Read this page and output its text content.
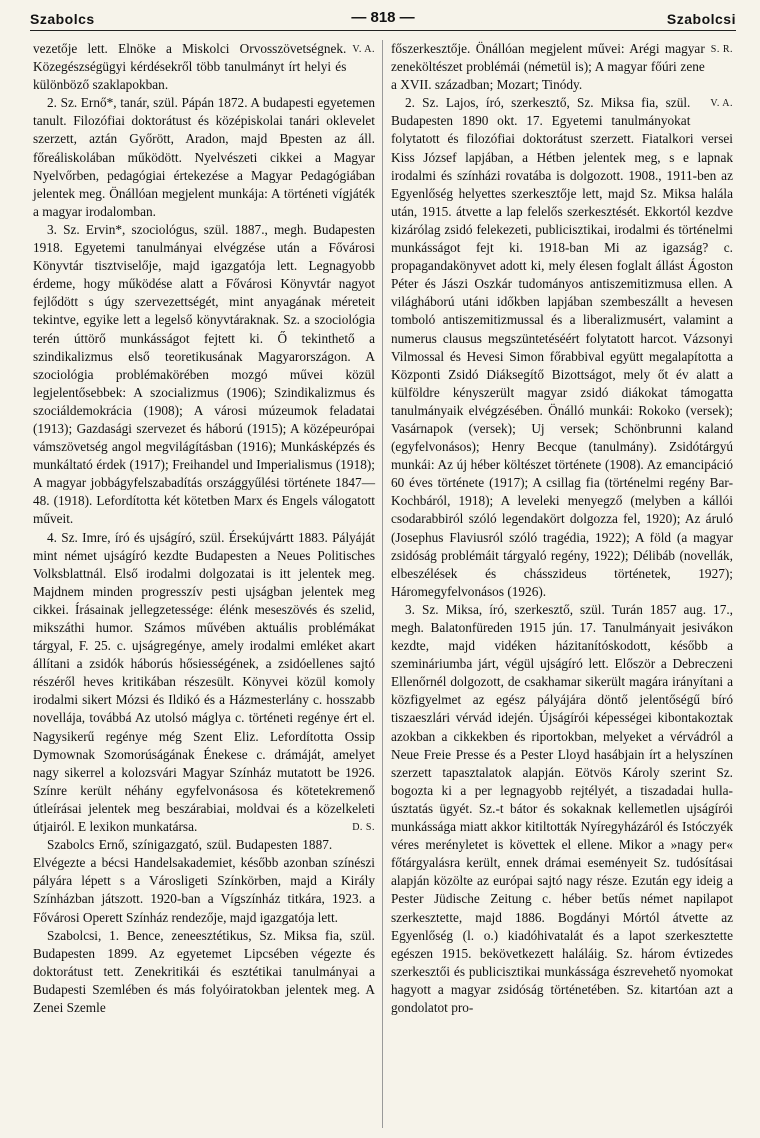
Szabolcs	— 818 —	Szabolcsi

V. A.
vezetője lett. Elnöke a Miskolci Orvosszövetségnek. Közegészségügyi kérdésekről több tanulmányt írt helyi és különböző szaklapokban.

2. Sz. Ernő*, tanár, szül. Pápán 1872. A budapesti egyetemen tanult. Filozófiai doktorátust és középiskolai tanári oklevelet szerzett, aztán Győrött, Aradon, majd Bpesten az áll. főreáliskolában működött. Nyelvészeti cikkei a Magyar Nyelvőrben, pedagógiai értekezése a Magyar Pedagógiában jelentek meg. Önállóan megjelent munkája: A történeti vígjáték a magyar irodalomban.

3. Sz. Ervin*, szociológus, szül. 1887., megh. Budapesten 1918. Egyetemi tanulmányai elvégzése után a Fővárosi Könyvtár tisztviselője, majd igazgatója lett. Legnagyobb érdeme, hogy működése alatt a Fővárosi Könyvtár nagyot fejlődött s úgy szervezettségét, mint anyagának méreteit tekintve, egyike lett a legelső könyvtáraknak. Sz. a szociológia terén úttörő munkásságot fejtett ki. Ő tekinthető a szindikalizmus első teoretikusának Magyarországon. A szociológia problémakörében mozgó művei közül legjelentősebbek: A szocializmus (1906); Szindikalizmus és szociáldemokrácia (1908); A városi múzeumok feladatai (1913); Gazdasági szervezet és háború (1915); A középeurópai vámszövetség angol megvilágításban (1916); Munkásképzés és munkáltató érdek (1917); Freihandel und Imperialismus (1918); A magyar jobbágyfelszabadítás országgyűlési története 1847—48. (1918). Lefordította két kötetben Marx és Engels válogatott műveit.

4. Sz. Imre, író és ujságíró, szül. Érsekújvártt 1883. Pályáját mint német ujságíró kezdte Budapesten a Neues Politisches Volksblattnál. Első irodalmi dolgozatai is itt jelentek meg. Majdnem minden progresszív pesti ujságban jelentek meg cikkei. Írásainak jellegzetessége: élénk meseszövés és szelid, mikszáthi humor. Számos művében aktuális problémákat tárgyal, F. 25. c. ujságregénye, amely irodalmi emléket akart állítani a zsidók háborús hősiességének, a zsidóellenes sajtó részéről heves kritikában részesült. Könyvei közül komoly irodalmi sikert Mózsi és Ildikó és a Házmesterlány c. hosszabb novellája, továbbá Az utolsó máglya c. történeti regénye ért el. Nagysikerű regénye még Szent Eliz. Lefordította Ossip Dymownak Szomorúságának Énekese c. drámáját, amelyet nagy sikerrel a kolozsvári Magyar Színház mutatott be 1926. Színre került néhány egyfelvonásosa és kötetekremenő útleírásai jelentek meg beszárabiai, moldvai és a közelkeleti útjairól. E lexikon munkatársa.	D. S.

Szabolcs Ernő, színigazgató, szül. Budapesten 1887. Elvégezte a bécsi Handelsakademiet, később azonban színészi pályára lépett s a Városligeti Színkörben, majd a Király Színházban játszott. 1920-ban a Vígszínház titkára, 1923. a Fővárosi Operett Színház rendezője, majd igazgatója lett.

Szabolcsi, 1. Bence, zeneesztétikus, Sz. Miksa fia, szül. Budapesten 1899. Az egyetemet Lipcsében végezte és doktorátust tett. Zenekritikái és esztétikai tanulmányai a Budapesti Szemlében és más folyóiratokban jelentek meg. A Zenei Szemle

S. R.
főszerkesztője. Önállóan megjelent művei: Arégi magyar zeneköltészet problémái (németül is); A magyar főúri zene a XVII. században; Mozart; Tinódy.

V. A.
2. Sz. Lajos, író, szerkesztő, Sz. Miksa fia, szül. Budapesten 1890 okt. 17. Egyetemi tanulmányokat folytatott és filozófiai doktorátust szerzett. Fiatalkori versei Kiss József lapjában, a Hétben jelentek meg, s e lapnak irodalmi és színházi rovatába is dolgozott. 1908., 1911-ben az Egyenlőség helyettes szerkesztője lett, majd Sz. Miksa halála után, 1915. átvette a lap felelős szerkesztését. Ekkortól kezdve kizárólag zsidó felekezeti, publicisztikai, irodalmi és történelmi munkásságot fejt ki. 1918-ban Mi az igazság? c. propagandakönyvet adott ki, mely élesen foglalt állást Ágoston Péter és Jászi Oszkár tudományos antiszemitizmusa ellen. A világháború utáni időkben lapjában szembeszállt a hevesen tomboló antiszemitizmussal és a liberalizmusért, valamint a numerus clausus megszüntetéséért folytatott harcot. Vázsonyi Vilmossal és Hevesi Simon főrabbival együtt megalapította a Központi Zsidó Diáksegítő Bizottságot, mely őt év alatt a külföldre kényszerült magyar zsidó diákokat támogatta tanulmányaik elvégzésében. Önálló munkái: Rokoko (versek); Vasárnapok (versek); Uj versek; Schönbrunni kaland (egyfelvonásos); Henry Becque (tanulmány). Zsidótárgyú munkái: Az új héber költészet története (1908). Az emancipáció 60 éves története (1917); A csillag fia (történelmi regény Bar-Kochbáról, 1918); A leveleki menyegző (melyben a kállói csodarabbiról szóló legendakört dolgozza fel, 1920); Az áruló (Josephus Flaviusról szóló tragédia, 1922); A föld (a magyar zsidóság problémáit tárgyaló regény, 1922); Délibáb (novellák, elbeszélések és chásszideus történetek, 1927); Háromegyfelvonásos (1926).

3. Sz. Miksa, író, szerkesztő, szül. Turán 1857 aug. 17., megh. Balatonfüreden 1915 jún. 17. Tanulmányait jesivákon kezdte, majd vidéken házitanítóskodott, később a szemináriumba járt, végül ujságíró lett. Először a Debreczeni Ellenőrnél dolgozott, de csakhamar sikerült magára irányítani a közfigyelmet az egész pályájára döntő jelentőségű bíró tiszaeszlári vérvád idején. Újságírói képességei kibontakoztak azokban a cikkekben és riportokban, melyeket a vérvádról a Neue Freie Presse és a Pester Lloyd hasábjain írt a helyszínen szerzett tapasztalatok alapján. Eötvös Károly szerint Sz. bogozta ki a per legnagyobb rejtélyét, a tiszadadai hulla-úsztatás ügyét. Sz.-t bátor és sokaknak kellemetlen ujságírói munkássága miatt akkor kitiltották Nyíregyházáról és Istóczyék véres merényletet is követtek el ellene. Mikor a »nagy per« főtárgyalásra került, ennek drámai eseményeit Sz. tudósításai alapján közölte az európai sajtó nagy része. Ezután egy ideig a Pester Jüdische Zeitung c. héber betűs német napilapot szerkesztette, majd 1886. Bogdányi Mórtól átvette az Egyenlőség (l. o.) kiadóhivatalát és a lapot szerkesztette egészen 1915. bekövetkezett haláláig. Sz. három évtizedes szerkesztői és publicisztikai munkássága észrevehető nyomokat hagyott a magyar zsidóság történetében. Sz. kitartóan azt a gondolatot pro-
